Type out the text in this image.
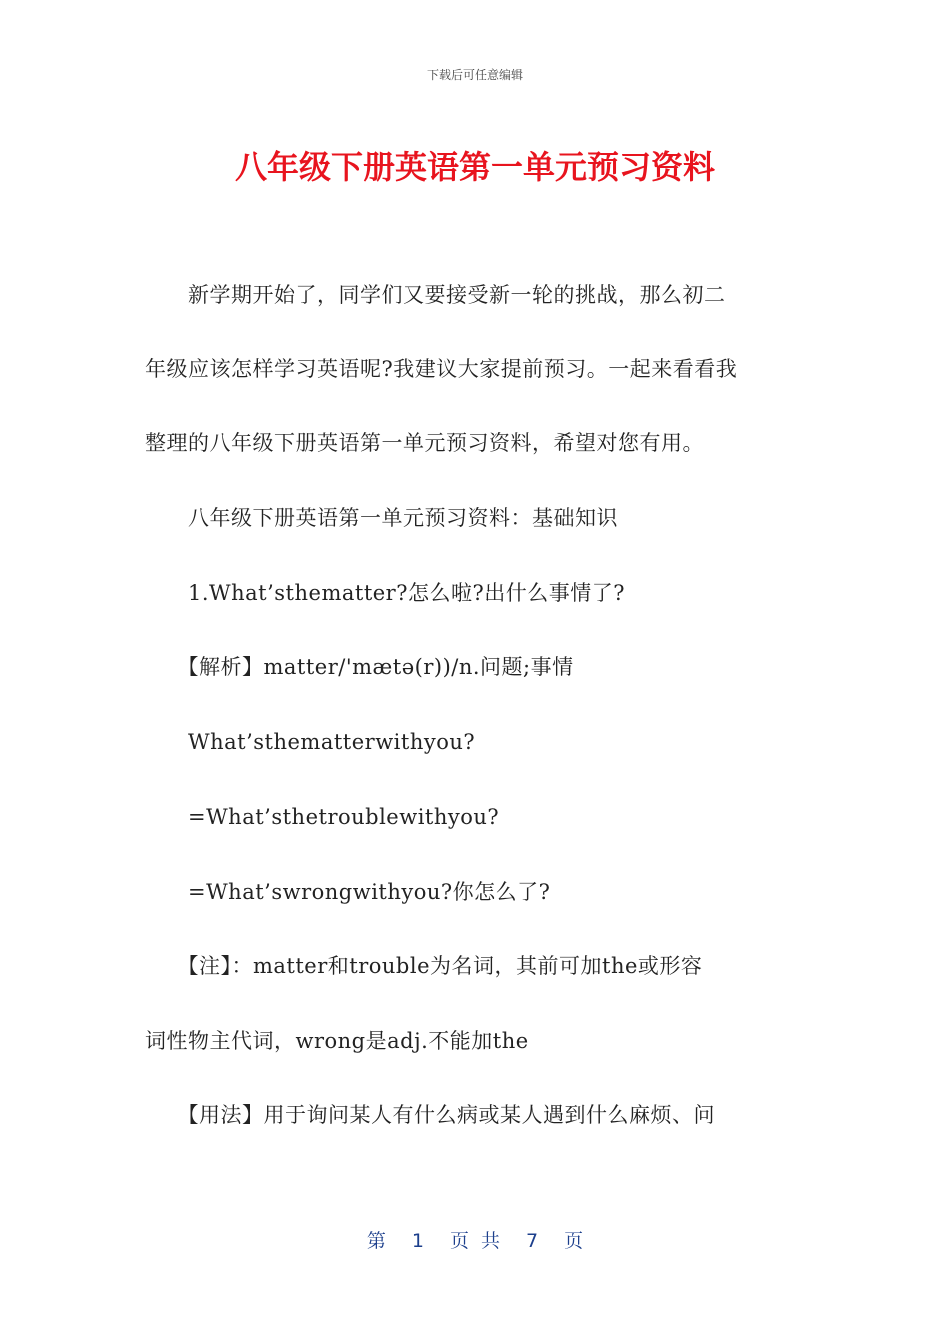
下载后可任意编辑
八年级下册英语第一单元预习资料
　　新学期开始了，同学们又要接受新一轮的挑战，那么初二
年级应该怎样学习英语呢?我建议大家提前预习。一起来看看我
整理的八年级下册英语第一单元预习资料，希望对您有用。
　　八年级下册英语第一单元预习资料：基础知识
　　1.What’sthematter?怎么啦?出什么事情了?
　　【解析】matter/'mætə(r))/n.问题;事情
　　What’sthematterwithyou?
　　=What’sthetroublewithyou?
　　=What’swrongwithyou?你怎么了?
　　【注】：matter和trouble为名词，其前可加the或形容
词性物主代词，wrong是adj.不能加the
　　【用法】用于询问某人有什么病或某人遇到什么麻烦、问
第 1 页共 7 页
